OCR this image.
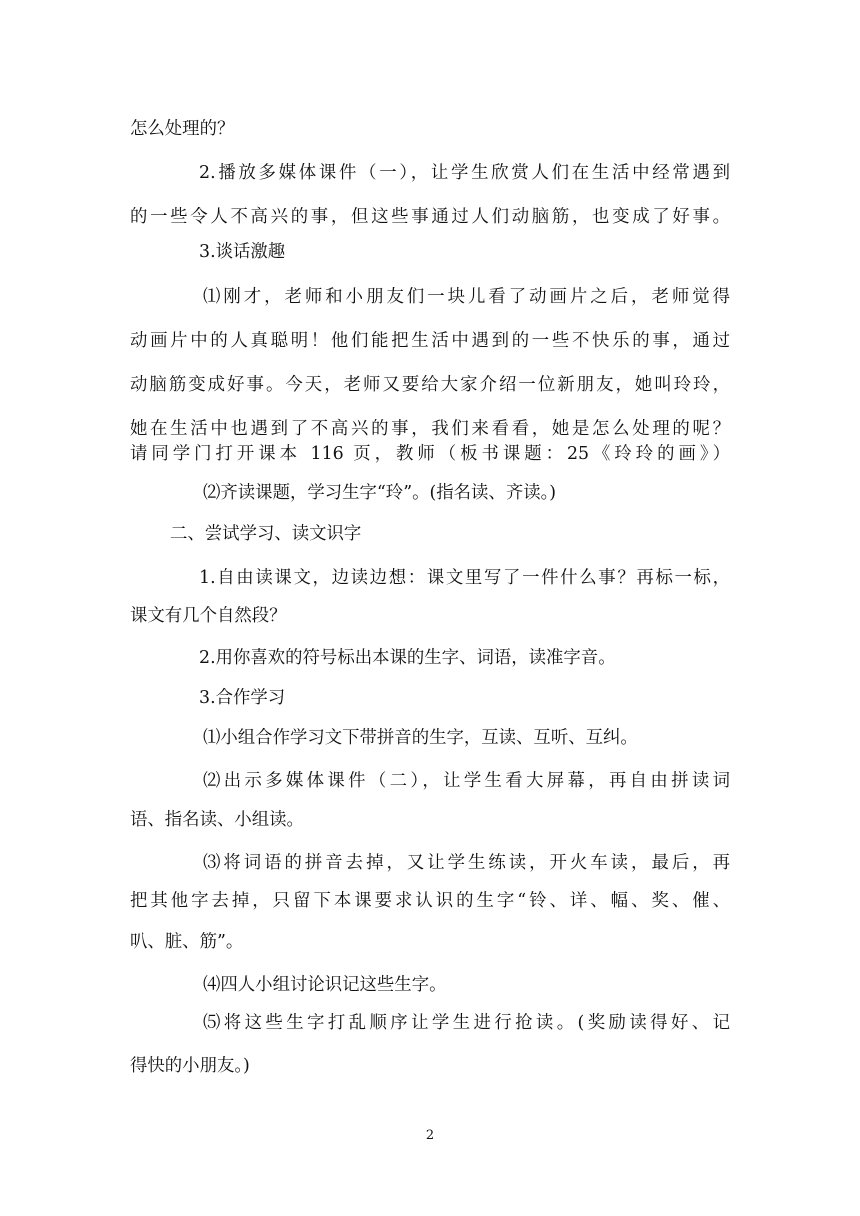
怎么处理的？
2.播放多媒体课件（一），让学生欣赏人们在生活中经常遇到
的一些令人不高兴的事，但这些事通过人们动脑筋，也变成了好事。
3.谈话激趣
⑴刚才，老师和小朋友们一块儿看了动画片之后，老师觉得
动画片中的人真聪明！他们能把生活中遇到的一些不快乐的事，通过
动脑筋变成好事。今天，老师又要给大家介绍一位新朋友，她叫玲玲，
她在生活中也遇到了不高兴的事，我们来看看，她是怎么处理的呢？
请同学门打开课本 116 页，教师（板书课题：25《玲玲的画》）
⑵齐读课题，学习生字“玲”。(指名读、齐读。)
二、尝试学习、读文识字
1.自由读课文，边读边想：课文里写了一件什么事？再标一标，
课文有几个自然段？
2.用你喜欢的符号标出本课的生字、词语，读准字音。
3.合作学习
⑴小组合作学习文下带拼音的生字，互读、互听、互纠。
⑵出示多媒体课件（二），让学生看大屏幕，再自由拼读词
语、指名读、小组读。
⑶将词语的拼音去掉，又让学生练读，开火车读，最后，再
把其他字去掉，只留下本课要求认识的生字“铃、详、幅、奖、催、
叭、脏、筋”。
⑷四人小组讨论识记这些生字。
⑸将这些生字打乱顺序让学生进行抢读。(奖励读得好、记
得快的小朋友。)
2
